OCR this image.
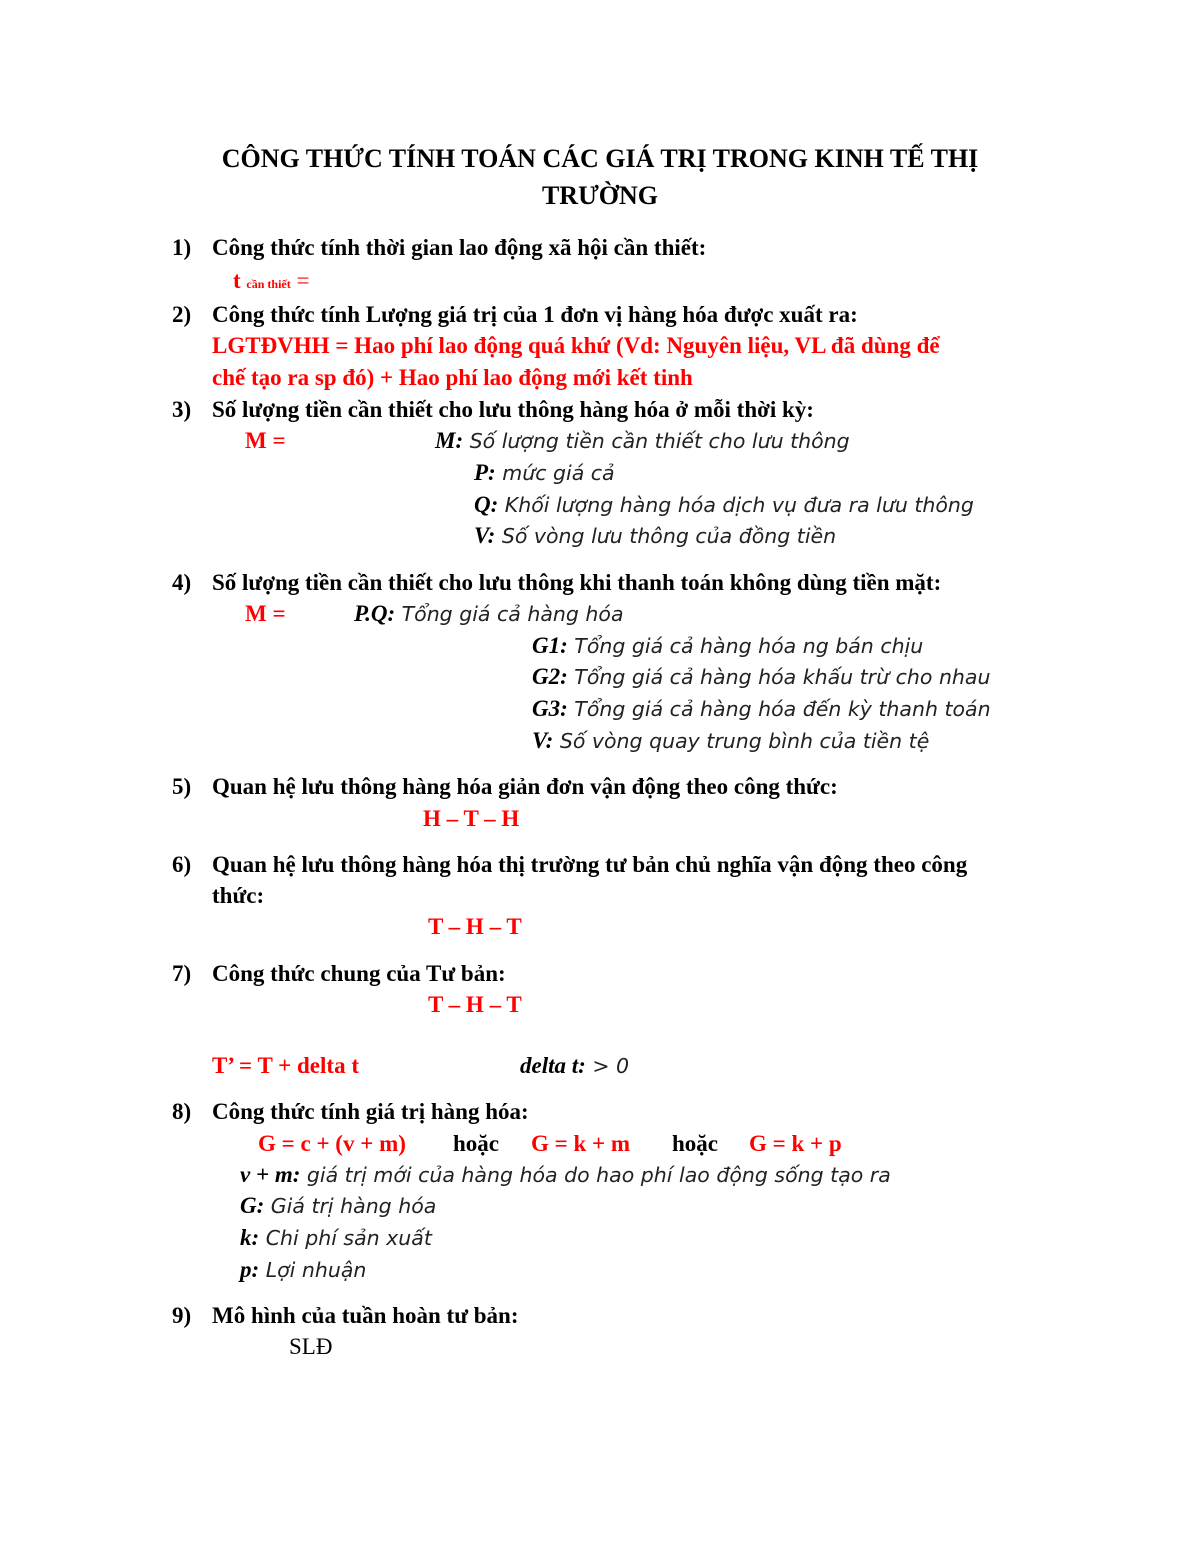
CÔNG THỨC TÍNH TOÁN CÁC GIÁ TRỊ TRONG KINH TẾ THỊ
TRƯỜNG
1) Công thức tính thời gian lao động xã hội cần thiết:
t cần thiết =
2) Công thức tính Lượng giá trị của 1 đơn vị hàng hóa được xuất ra:
LGTĐVHH = Hao phí lao động quá khứ (Vd: Nguyên liệu, VL đã dùng để
chế tạo ra sp đó) + Hao phí lao động mới kết tinh
3) Số lượng tiền cần thiết cho lưu thông hàng hóa ở mỗi thời kỳ:
M =	M: Số lượng tiền cần thiết cho lưu thông
P: mức giá cả
Q: Khối lượng hàng hóa dịch vụ đưa ra lưu thông
V: Số vòng lưu thông của đồng tiền
4) Số lượng tiền cần thiết cho lưu thông khi thanh toán không dùng tiền mặt:
M =	P.Q: Tổng giá cả hàng hóa
G1: Tổng giá cả hàng hóa ng bán chịu
G2: Tổng giá cả hàng hóa khấu trừ cho nhau
G3: Tổng giá cả hàng hóa đến kỳ thanh toán
V: Số vòng quay trung bình của tiền tệ
5) Quan hệ lưu thông hàng hóa giản đơn vận động theo công thức:
H – T – H
6) Quan hệ lưu thông hàng hóa thị trường tư bản chủ nghĩa vận động theo công
thức:
T – H – T
7) Công thức chung của Tư bản:
T – H – T
T’ = T + delta t	delta t: > 0
8) Công thức tính giá trị hàng hóa:
G = c + (v + m) hoặc G = k + m hoặc G = k + p
v + m: giá trị mới của hàng hóa do hao phí lao động sống tạo ra
G: Giá trị hàng hóa
k: Chi phí sản xuất
p: Lợi nhuận
9) Mô hình của tuần hoàn tư bản:
SLĐ
